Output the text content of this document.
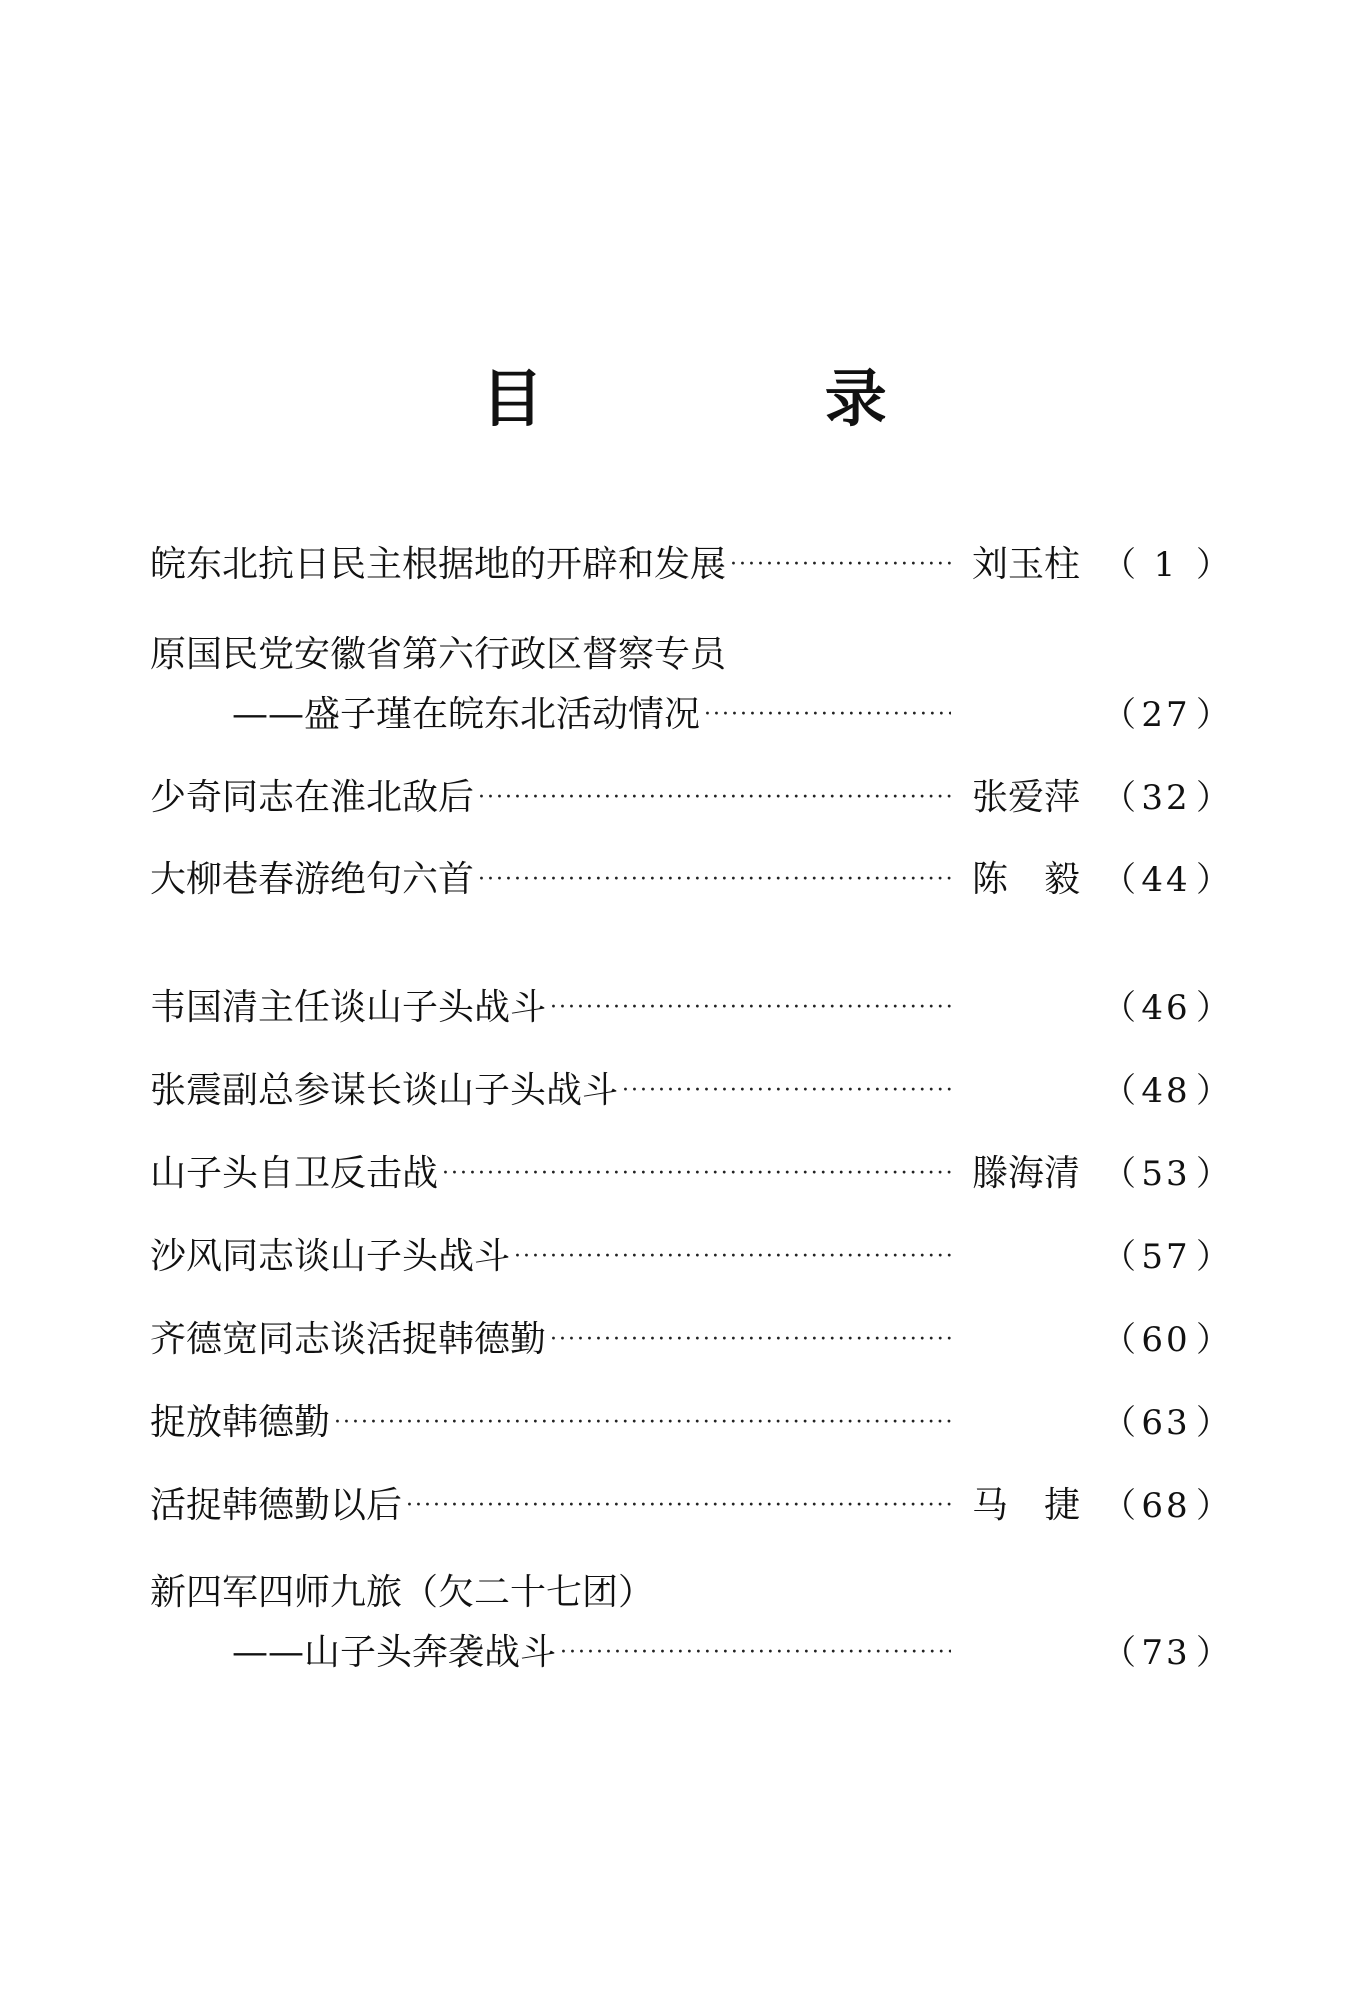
目 录
皖东北抗日民主根据地的开辟和发展 ·····	刘玉柱 （ 1 ）
原国民党安徽省第六行政区督察专员
——盛子瑾在皖东北活动情况 ·····	（ 27 ）
少奇同志在淮北敌后 ·····	张爱萍 （ 32 ）
大柳巷春游绝句六首 ·····	陈　毅 （ 44 ）
韦国清主任谈山子头战斗 ·····	（ 46 ）
张震副总参谋长谈山子头战斗 ·····	（ 48 ）
山子头自卫反击战 ·····	滕海清 （ 53 ）
沙风同志谈山子头战斗 ·····	（ 57 ）
齐德宽同志谈活捉韩德勤 ·····	（ 60 ）
捉放韩德勤 ·····	（ 63 ）
活捉韩德勤以后 ·····	马　捷 （ 68 ）
新四军四师九旅（欠二十七团）
——山子头奔袭战斗 ·····	（ 73 ）
